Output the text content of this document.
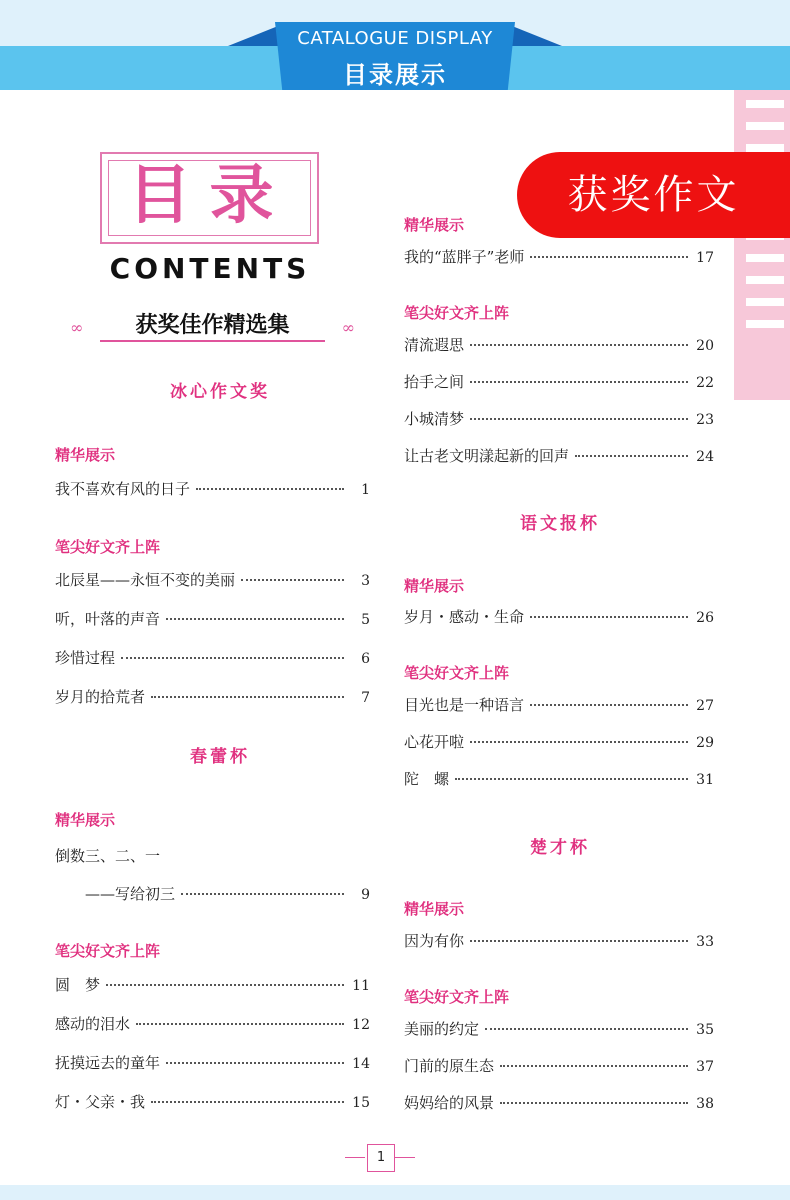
CATALOGUE DISPLAY
目录展示
目录
CONTENTS
∞	获奖佳作精选集	∞
冰心作文奖
精华展示
我不喜欢有风的日子	1
笔尖好文齐上阵
北辰星——永恒不变的美丽	3
听，叶落的声音	5
珍惜过程	6
岁月的拾荒者	7
春蕾杯
精华展示
倒数三、二、一
——写给初三	9
笔尖好文齐上阵
圆　梦	11
感动的泪水	12
抚摸远去的童年	14
灯・父亲・我	15
精华展示
我的“蓝胖子”老师	17
笔尖好文齐上阵
清流遐思	20
抬手之间	22
小城清梦	23
让古老文明漾起新的回声	24
语文报杯
精华展示
岁月・感动・生命	26
笔尖好文齐上阵
目光也是一种语言	27
心花开啦	29
陀　螺	31
楚才杯
精华展示
因为有你	33
笔尖好文齐上阵
美丽的约定	35
门前的原生态	37
妈妈给的风景	38
获奖作文
1
